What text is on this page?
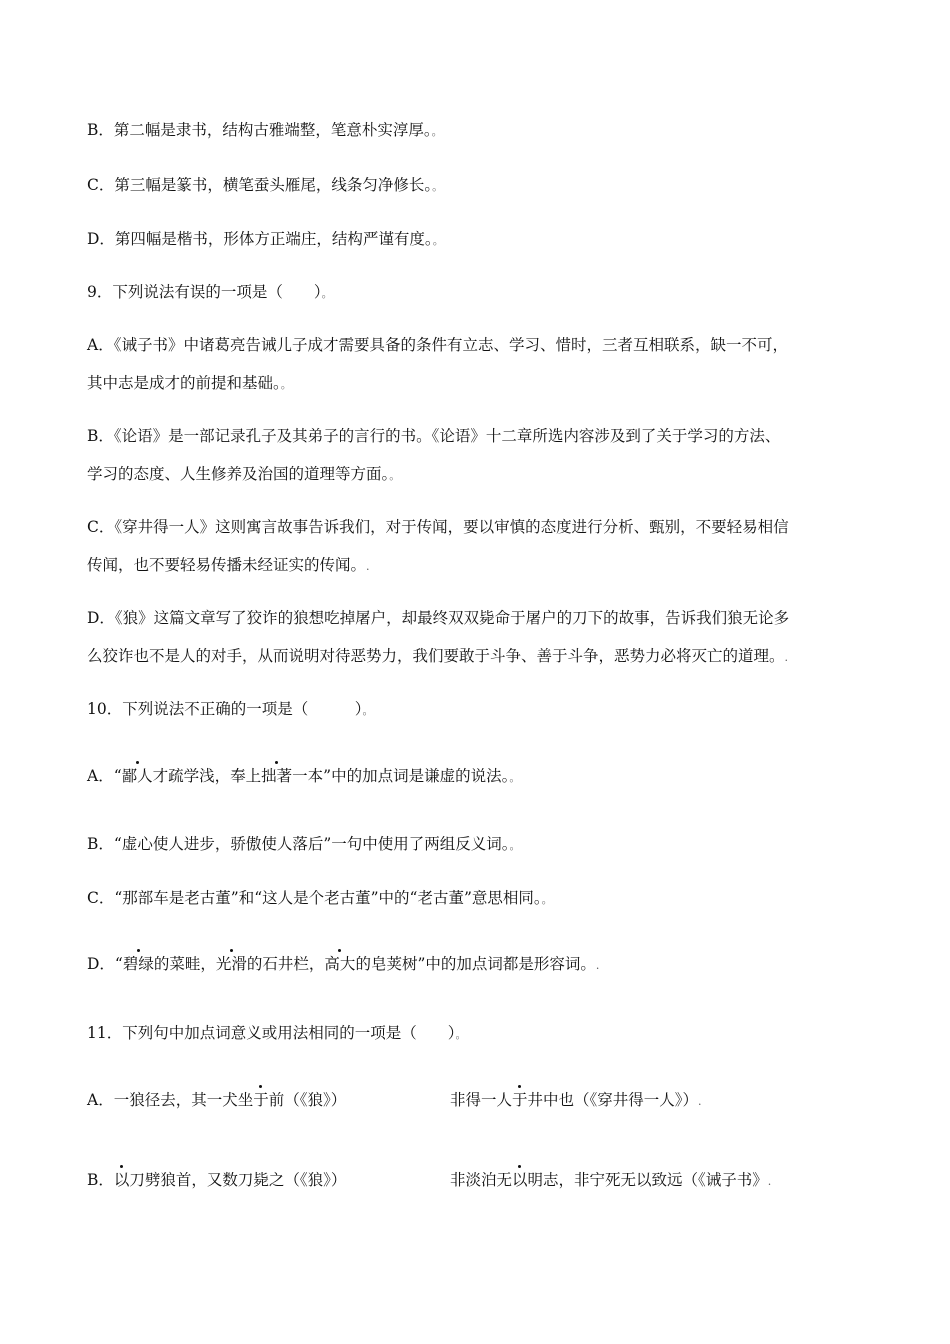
B．第二幅是隶书，结构古雅端整，笔意朴实淳厚。。
C．第三幅是篆书，横笔蚕头雁尾，线条匀净修长。。
D．第四幅是楷书，形体方正端庄，结构严谨有度。。
9．下列说法有误的一项是（　　）。
A．《诫子书》中诸葛亮告诫儿子成才需要具备的条件有立志、学习、惜时，三者互相联系，缺一不可，
其中志是成才的前提和基础。。
B．《论语》是一部记录孔子及其弟子的言行的书。《论语》十二章所选内容涉及到了关于学习的方法、
学习的态度、人生修养及治国的道理等方面。。
C．《穿井得一人》这则寓言故事告诉我们，对于传闻，要以审慎的态度进行分析、甄别，不要轻易相信
传闻，也不要轻易传播未经证实的传闻。.
D．《狼》这篇文章写了狡诈的狼想吃掉屠户，却最终双双毙命于屠户的刀下的故事，告诉我们狼无论多
么狡诈也不是人的对手，从而说明对待恶势力，我们要敢于斗争、善于斗争，恶势力必将灭亡的道理。.
10．下列说法不正确的一项是（　　　）。
A．“鄙人才疏学浅，奉上拙著一本”中的加点词是谦虚的说法。。
B．“虚心使人进步，骄傲使人落后”一句中使用了两组反义词。。
C．“那部车是老古董”和“这人是个老古董”中的“老古董”意思相同。。
D．“碧绿的菜畦，光滑的石井栏，高大的皂荚树”中的加点词都是形容词。.
11．下列句中加点词意义或用法相同的一项是（　　）。
A．一狼径去，其一犬坐于前（《狼》）	非得一人于井中也（《穿井得一人》）.
B．以刀劈狼首，又数刀毙之（《狼》）	非淡泊无以明志，非宁死无以致远（《诫子书》.
